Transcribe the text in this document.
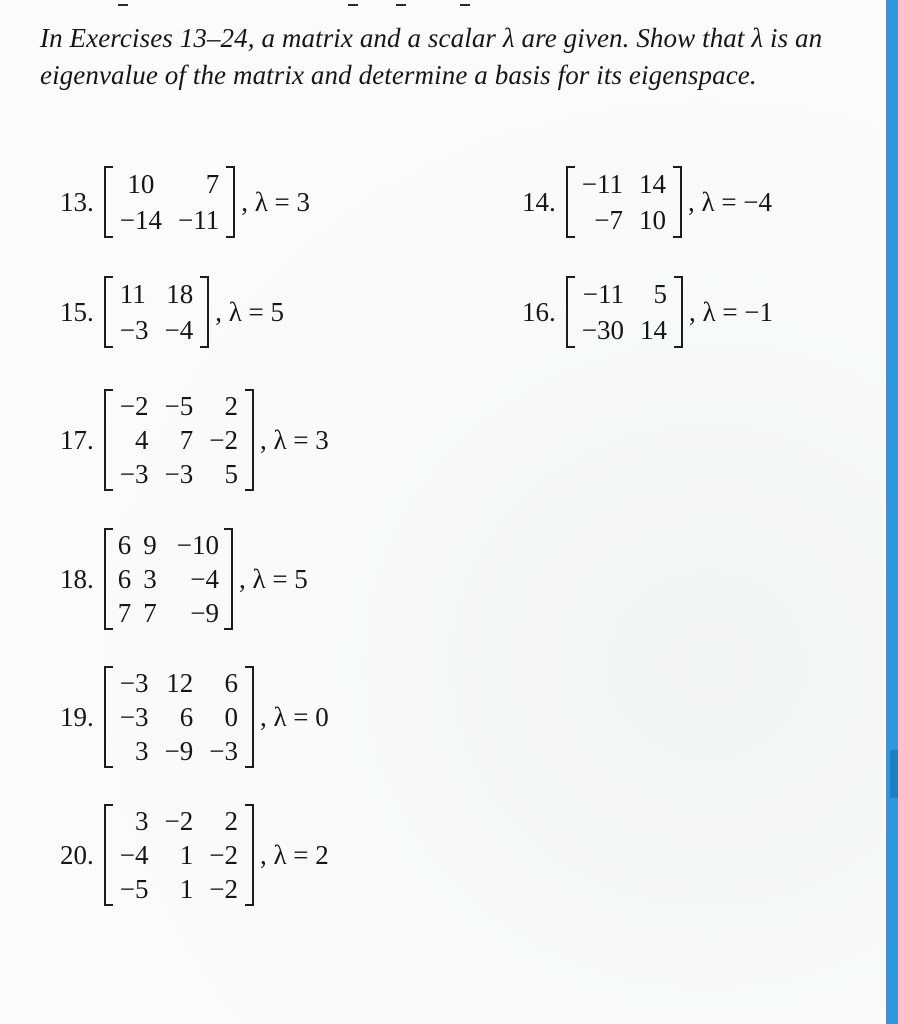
In Exercises 13–24, a matrix and a scalar λ are given. Show that λ is an eigenvalue of the matrix and determine a basis for its eigenspace.
13.
10	7
−14	−11
, λ = 3	14.
−11	14
−7	10
, λ = −4
15.
11	18
−3	−4
, λ = 5	16.
−11	5
−30	14
, λ = −1
17.
−2	−5	2
4	7	−2
−3	−3	5
, λ = 3
18.
6	9	−10
6	3	−4
7	7	−9
, λ = 5
19.
−3	12	6
−3	6	0
3	−9	−3
, λ = 0
20.
3	−2	2
−4	1	−2
−5	1	−2
, λ = 2
